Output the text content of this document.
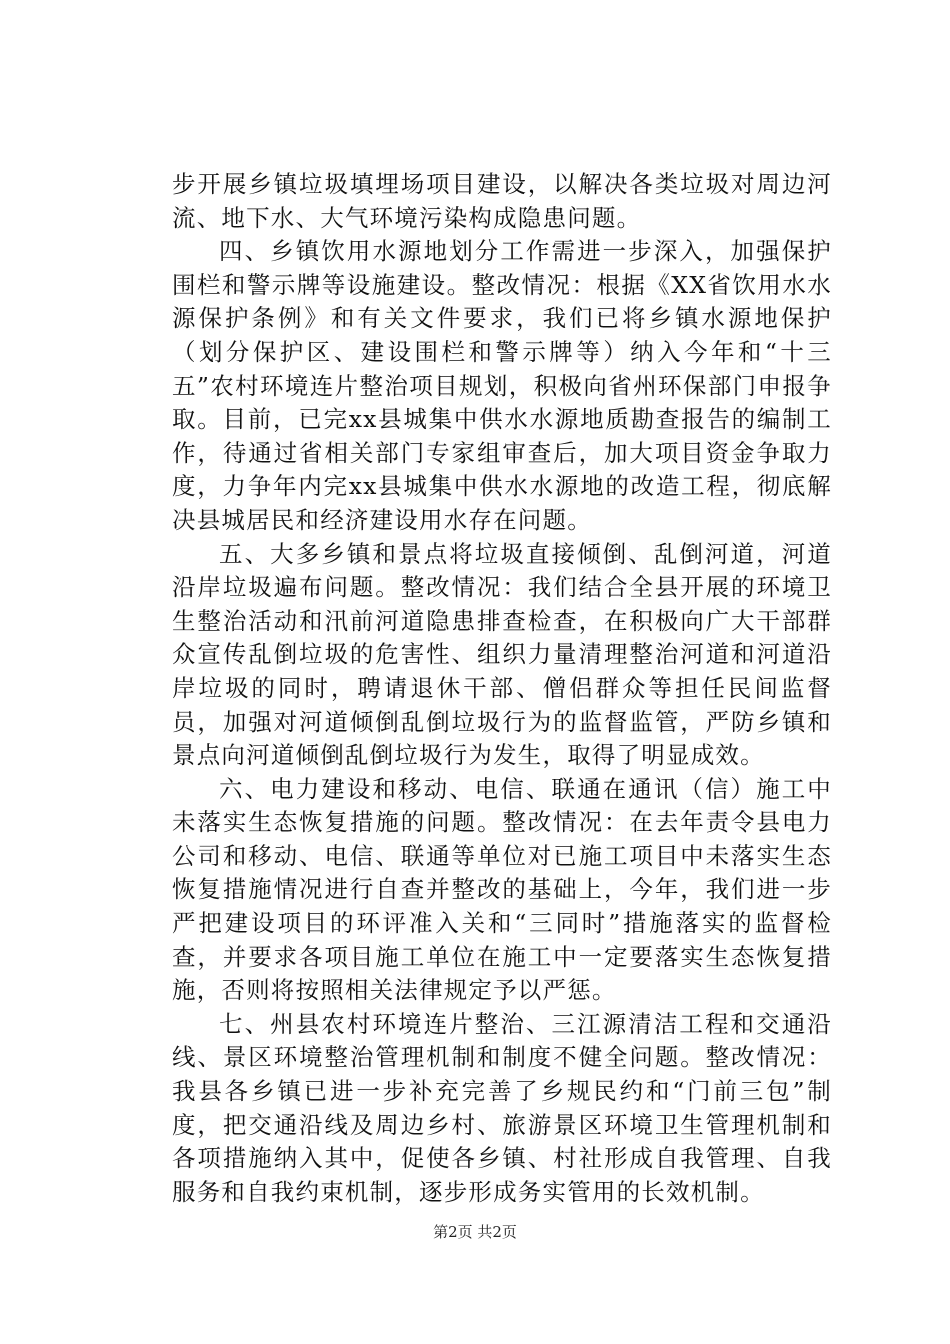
步开展乡镇垃圾填埋场项目建设，以解决各类垃圾对周边河流、地下水、大气环境污染构成隐患问题。

四、乡镇饮用水源地划分工作需进一步深入，加强保护围栏和警示牌等设施建设。整改情况：根据《XX省饮用水水源保护条例》和有关文件要求，我们已将乡镇水源地保护（划分保护区、建设围栏和警示牌等）纳入今年和“十三五”农村环境连片整治项目规划，积极向省州环保部门申报争取。目前，已完xx县城集中供水水源地质勘查报告的编制工作，待通过省相关部门专家组审查后，加大项目资金争取力度，力争年内完xx县城集中供水水源地的改造工程，彻底解决县城居民和经济建设用水存在问题。

五、大多乡镇和景点将垃圾直接倾倒、乱倒河道，河道沿岸垃圾遍布问题。整改情况：我们结合全县开展的环境卫生整治活动和汛前河道隐患排查检查，在积极向广大干部群众宣传乱倒垃圾的危害性、组织力量清理整治河道和河道沿岸垃圾的同时，聘请退休干部、僧侣群众等担任民间监督员，加强对河道倾倒乱倒垃圾行为的监督监管，严防乡镇和景点向河道倾倒乱倒垃圾行为发生，取得了明显成效。

六、电力建设和移动、电信、联通在通讯（信）施工中未落实生态恢复措施的问题。整改情况：在去年责令县电力公司和移动、电信、联通等单位对已施工项目中未落实生态恢复措施情况进行自查并整改的基础上，今年，我们进一步严把建设项目的环评准入关和“三同时”措施落实的监督检查，并要求各项目施工单位在施工中一定要落实生态恢复措施，否则将按照相关法律规定予以严惩。

七、州县农村环境连片整治、三江源清洁工程和交通沿线、景区环境整治管理机制和制度不健全问题。整改情况：我县各乡镇已进一步补充完善了乡规民约和“门前三包”制度，把交通沿线及周边乡村、旅游景区环境卫生管理机制和各项措施纳入其中，促使各乡镇、村社形成自我管理、自我服务和自我约束机制，逐步形成务实管用的长效机制。

第2页 共2页
